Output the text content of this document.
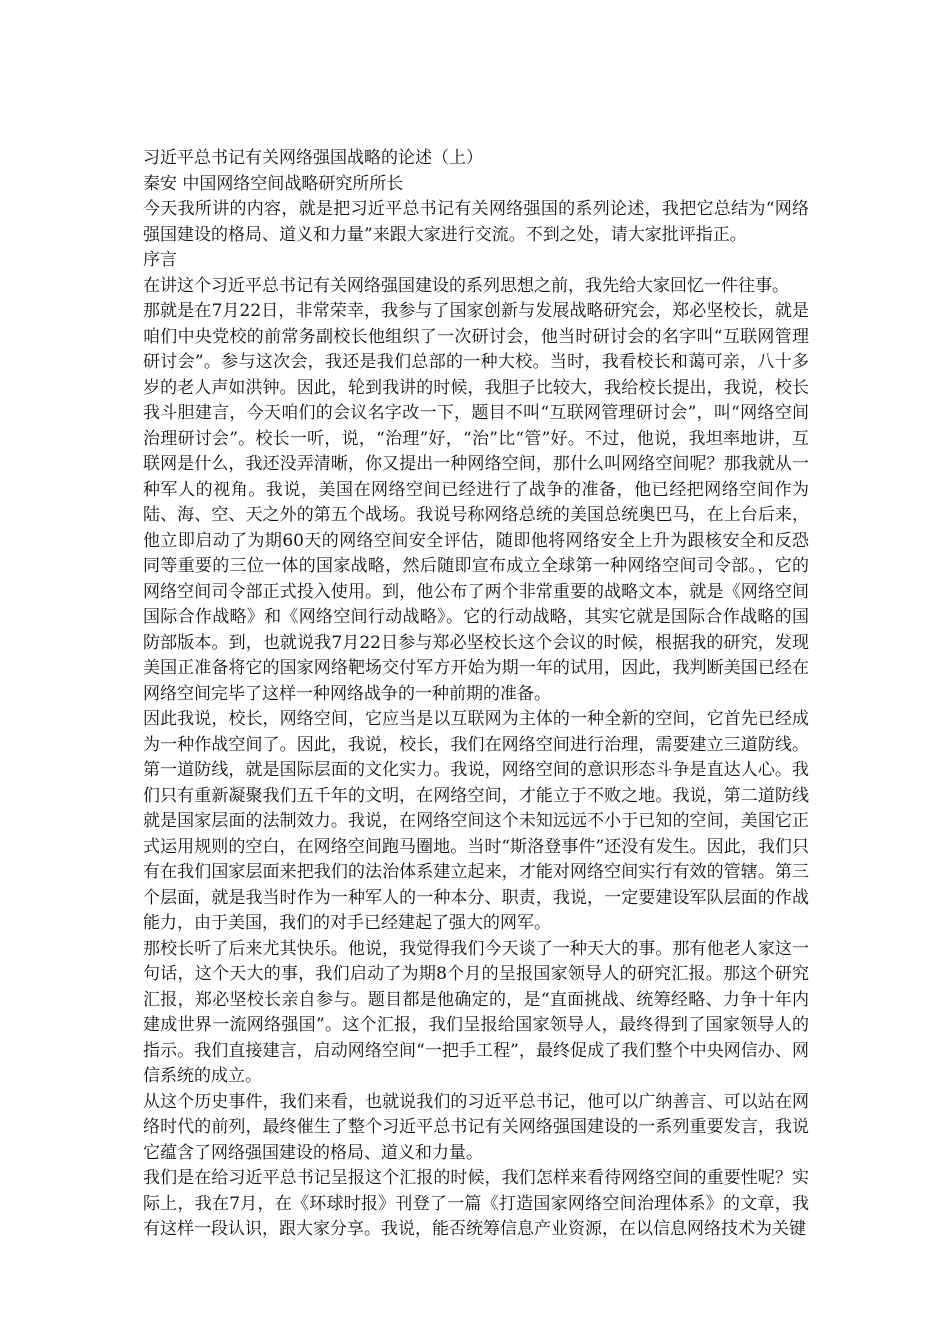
习近平总书记有关网络强国战略的论述（上）

秦安 中国网络空间战略研究所所长

今天我所讲的内容，就是把习近平总书记有关网络强国的系列论述，我把它总结为“网络强国建设的格局、道义和力量”来跟大家进行交流。不到之处，请大家批评指正。

序言

在讲这个习近平总书记有关网络强国建设的系列思想之前，我先给大家回忆一件往事。

那就是在7月22日，非常荣幸，我参与了国家创新与发展战略研究会，郑必坚校长，就是咱们中央党校的前常务副校长他组织了一次研讨会，他当时研讨会的名字叫“互联网管理研讨会”。参与这次会，我还是我们总部的一种大校。当时，我看校长和蔼可亲，八十多岁的老人声如洪钟。因此，轮到我讲的时候，我胆子比较大，我给校长提出，我说，校长我斗胆建言，今天咱们的会议名字改一下，题目不叫“互联网管理研讨会”，叫“网络空间治理研讨会”。校长一听，说，“治理”好，“治”比“管”好。不过，他说，我坦率地讲，互联网是什么，我还没弄清晰，你又提出一种网络空间，那什么叫网络空间呢？那我就从一种军人的视角。我说，美国在网络空间已经进行了战争的准备，他已经把网络空间作为陆、海、空、天之外的第五个战场。我说号称网络总统的美国总统奥巴马，在上台后来，他立即启动了为期60天的网络空间安全评估，随即他将网络安全上升为跟核安全和反恐同等重要的三位一体的国家战略，然后随即宣布成立全球第一种网络空间司令部。，它的网络空间司令部正式投入使用。到，他公布了两个非常重要的战略文本，就是《网络空间国际合作战略》和《网络空间行动战略》。它的行动战略，其实它就是国际合作战略的国防部版本。到，也就说我7月22日参与郑必坚校长这个会议的时候，根据我的研究，发现美国正准备将它的国家网络靶场交付军方开始为期一年的试用，因此，我判断美国已经在网络空间完毕了这样一种网络战争的一种前期的准备。

因此我说，校长，网络空间，它应当是以互联网为主体的一种全新的空间，它首先已经成为一种作战空间了。因此，我说，校长，我们在网络空间进行治理，需要建立三道防线。第一道防线，就是国际层面的文化实力。我说，网络空间的意识形态斗争是直达人心。我们只有重新凝聚我们五千年的文明，在网络空间，才能立于不败之地。我说，第二道防线就是国家层面的法制效力。我说，在网络空间这个未知远远不小于已知的空间，美国它正式运用规则的空白，在网络空间跑马圈地。当时“斯洛登事件”还没有发生。因此，我们只有在我们国家层面来把我们的法治体系建立起来，才能对网络空间实行有效的管辖。第三个层面，就是我当时作为一种军人的一种本分、职责，我说，一定要建设军队层面的作战能力，由于美国，我们的对手已经建起了强大的网军。

那校长听了后来尤其快乐。他说，我觉得我们今天谈了一种天大的事。那有他老人家这一句话，这个天大的事，我们启动了为期8个月的呈报国家领导人的研究汇报。那这个研究汇报，郑必坚校长亲自参与。题目都是他确定的，是“直面挑战、统筹经略、力争十年内建成世界一流网络强国”。这个汇报，我们呈报给国家领导人，最终得到了国家领导人的指示。我们直接建言，启动网络空间“一把手工程”，最终促成了我们整个中央网信办、网信系统的成立。

从这个历史事件，我们来看，也就说我们的习近平总书记，他可以广纳善言、可以站在网络时代的前列，最终催生了整个习近平总书记有关网络强国建设的一系列重要发言，我说它蕴含了网络强国建设的格局、道义和力量。

我们是在给习近平总书记呈报这个汇报的时候，我们怎样来看待网络空间的重要性呢？实际上，我在7月，在《环球时报》刊登了一篇《打造国家网络空间治理体系》的文章，我有这样一段认识，跟大家分享。我说，能否统筹信息产业资源，在以信息网络技术为关键
